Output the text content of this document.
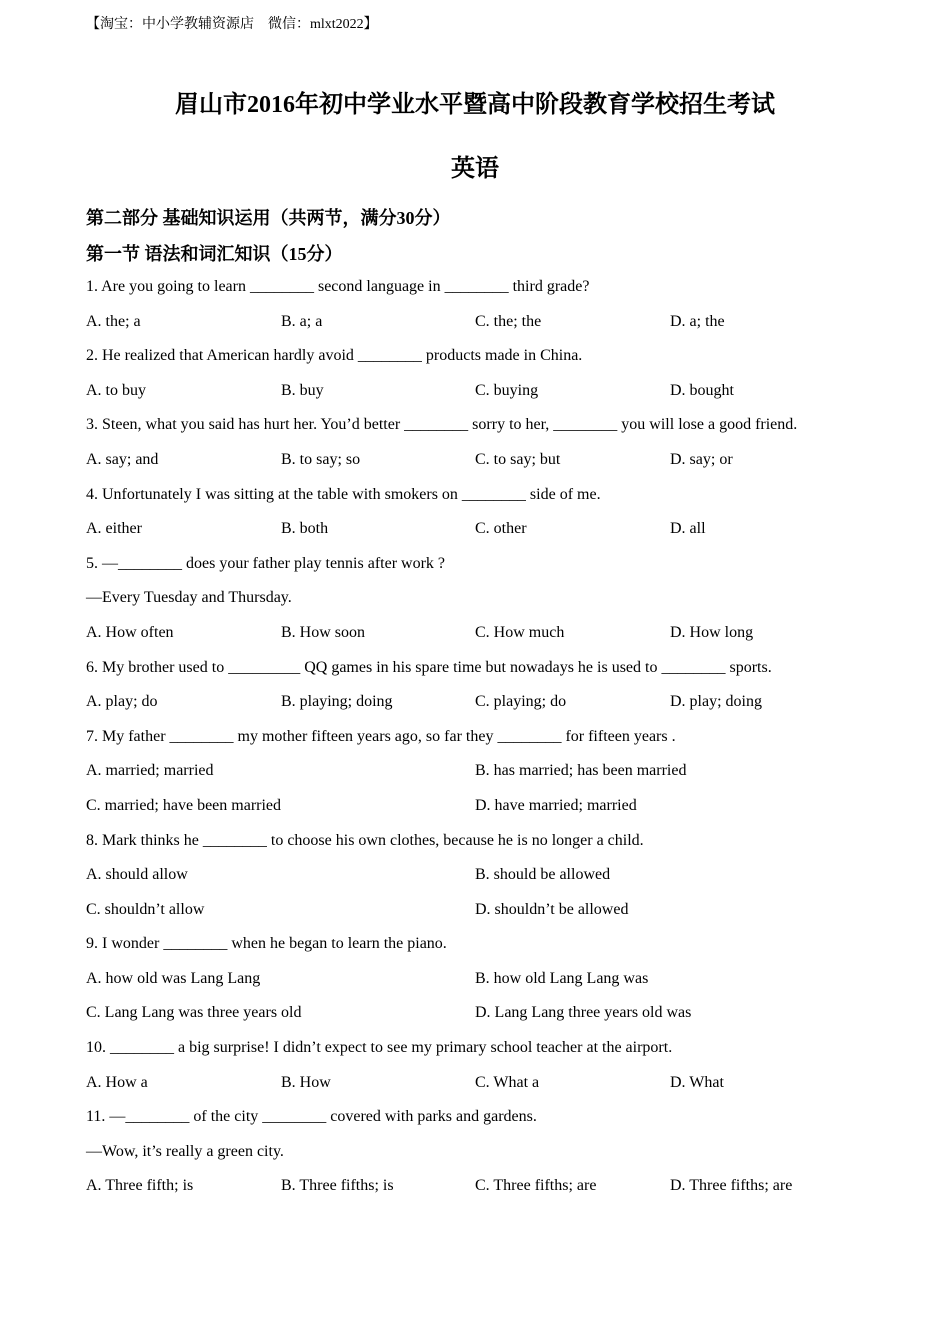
【淘宝：中小学教辅资源店　微信：mlxt2022】
眉山市2016年初中学业水平暨高中阶段教育学校招生考试
英语
第二部分 基础知识运用（共两节，满分30分）
第一节 语法和词汇知识（15分）
1. Are you going to learn ________ second language in ________ third grade?
A. the; a	B. a; a	C. the; the	D. a; the
2. He realized that American hardly avoid ________ products made in China.
A. to buy	B. buy	C. buying	D. bought
3. Steen, what you said has hurt her. You’d better ________ sorry to her, ________ you will lose a good friend.
A. say; and	B. to say; so	C. to say; but	D. say; or
4. Unfortunately I was sitting at the table with smokers on ________ side of me.
A. either	B. both	C. other	D. all
5. —________ does your father play tennis after work ?
—Every Tuesday and Thursday.
A. How often	B. How soon	C. How much	D. How long
6. My brother used to _________ QQ games in his spare time but nowadays he is used to ________ sports.
A. play; do	B. playing; doing	C. playing; do	D. play; doing
7. My father ________ my mother fifteen years ago, so far they ________ for fifteen years .
A. married; married	B. has married; has been married
C. married; have been married	D. have married; married
8. Mark thinks he ________ to choose his own clothes, because he is no longer a child.
A. should allow	B. should be allowed
C. shouldn’t allow	D. shouldn’t be allowed
9. I wonder ________ when he began to learn the piano.
A. how old was Lang Lang	B. how old Lang Lang was
C. Lang Lang was three years old	D. Lang Lang three years old was
10. ________ a big surprise! I didn’t expect to see my primary school teacher at the airport.
A. How a	B. How	C. What a	D. What
11. —________ of the city ________ covered with parks and gardens.
—Wow, it’s really a green city.
A. Three fifth; is	B. Three fifths; is	C. Three fifths; are	D. Three fifths; are
